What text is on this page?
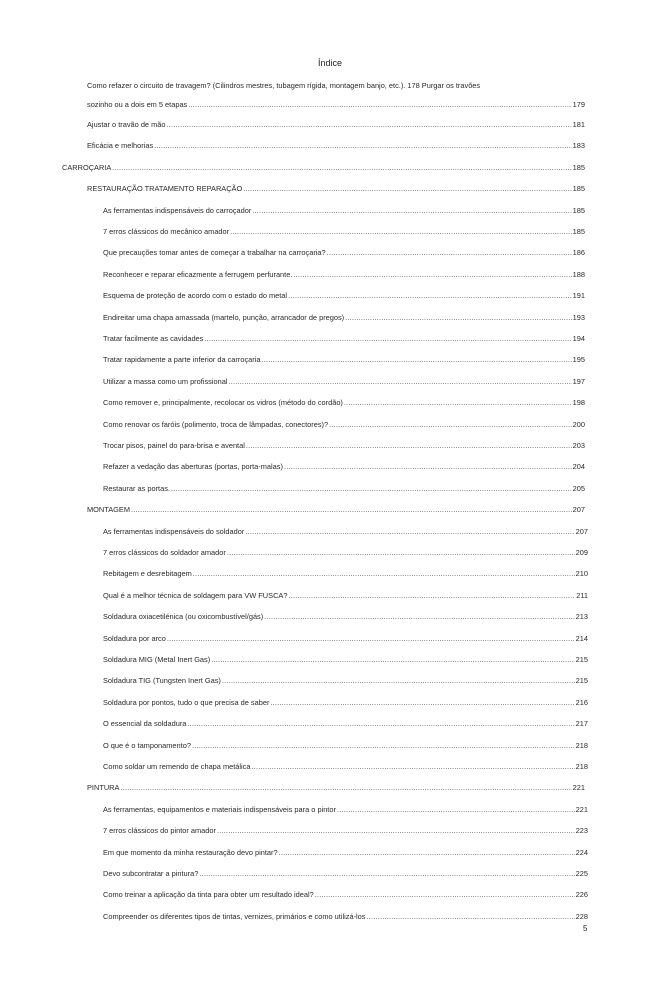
Índice
Como refazer o circuito de travagem? (Cilindros mestres, tubagem rígida, montagem banjo, etc.). 178 Purgar os travões
sozinho ou a dois em 5 etapas .....	179
Ajustar o travão de mão .....	181
Eficácia e melhorias .....	183
CARROÇARIA .....	185
RESTAURAÇÃO TRATAMENTO REPARAÇÃO .....	185
As ferramentas indispensáveis do carroçador .....	185
7 erros clássicos do mecânico amador .....	185
Que precauções tomar antes de começar a trabalhar na carroçaria? .....	186
Reconhecer e reparar eficazmente a ferrugem perfurante. .....	188
Esquema de proteção de acordo com o estado do metal .....	191
Endireitar uma chapa amassada (martelo, punção, arrancador de pregos) .....	193
Tratar facilmente as cavidades .....	194
Tratar rapidamente a parte inferior da carroçaria .....	195
Utilizar a massa como um profissional .....	197
Como remover e, principalmente, recolocar os vidros (método do cordão) .....	198
Como renovar os faróis (polimento, troca de lâmpadas, conectores)? .....	200
Trocar pisos, painel do para-brisa e avental .....	203
Refazer a vedação das aberturas (portas, porta-malas) .....	204
Restaurar as portas. .....	205
MONTAGEM .....	207
As ferramentas indispensáveis do soldador .....	207
7 erros clássicos do soldador amador .....	209
Rebitagem e desrebitagem .....	210
Qual é a melhor técnica de soldagem para VW FUSCA? .....	211
Soldadura oxiacetilénica (ou oxicombustível/gás) .....	213
Soldadura por arco .....	214
Soldadura MIG (Metal Inert Gas) .....	215
Soldadura TIG (Tungsten Inert Gas) .....	215
Soldadura por pontos, tudo o que precisa de saber .....	216
O essencial da soldadura .....	217
O que é o tamponamento? .....	218
Como soldar um remendo de chapa metálica .....	218
PINTURA .....	221
As ferramentas, equipamentos e materiais indispensáveis para o pintor .....	221
7 erros clássicos do pintor amador .....	223
Em que momento da minha restauração devo pintar? .....	224
Devo subcontratar a pintura? .....	225
Como treinar a aplicação da tinta para obter um resultado ideal? .....	226
Compreender os diferentes tipos de tintas, vernizes, primários e como utilizá-los .....	228
5
